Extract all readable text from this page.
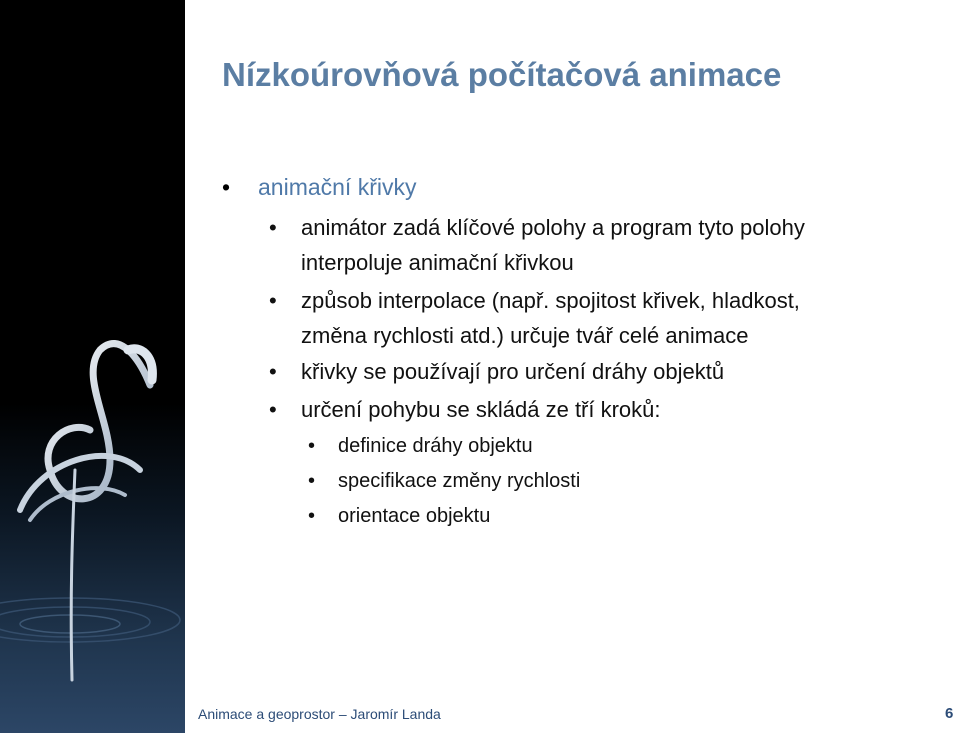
Nízkoúrovňová počítačová animace
• animační křivky
• animátor zadá klíčové polohy a program tyto polohy
interpoluje animační křivkou
• způsob interpolace (např. spojitost křivek, hladkost,
změna rychlosti atd.) určuje tvář celé animace
• křivky se používají pro určení dráhy objektů
• určení pohybu se skládá ze tří kroků:
• definice dráhy objektu
• specifikace změny rychlosti
• orientace objektu
Animace a geoprostor – Jaromír Landa	6
